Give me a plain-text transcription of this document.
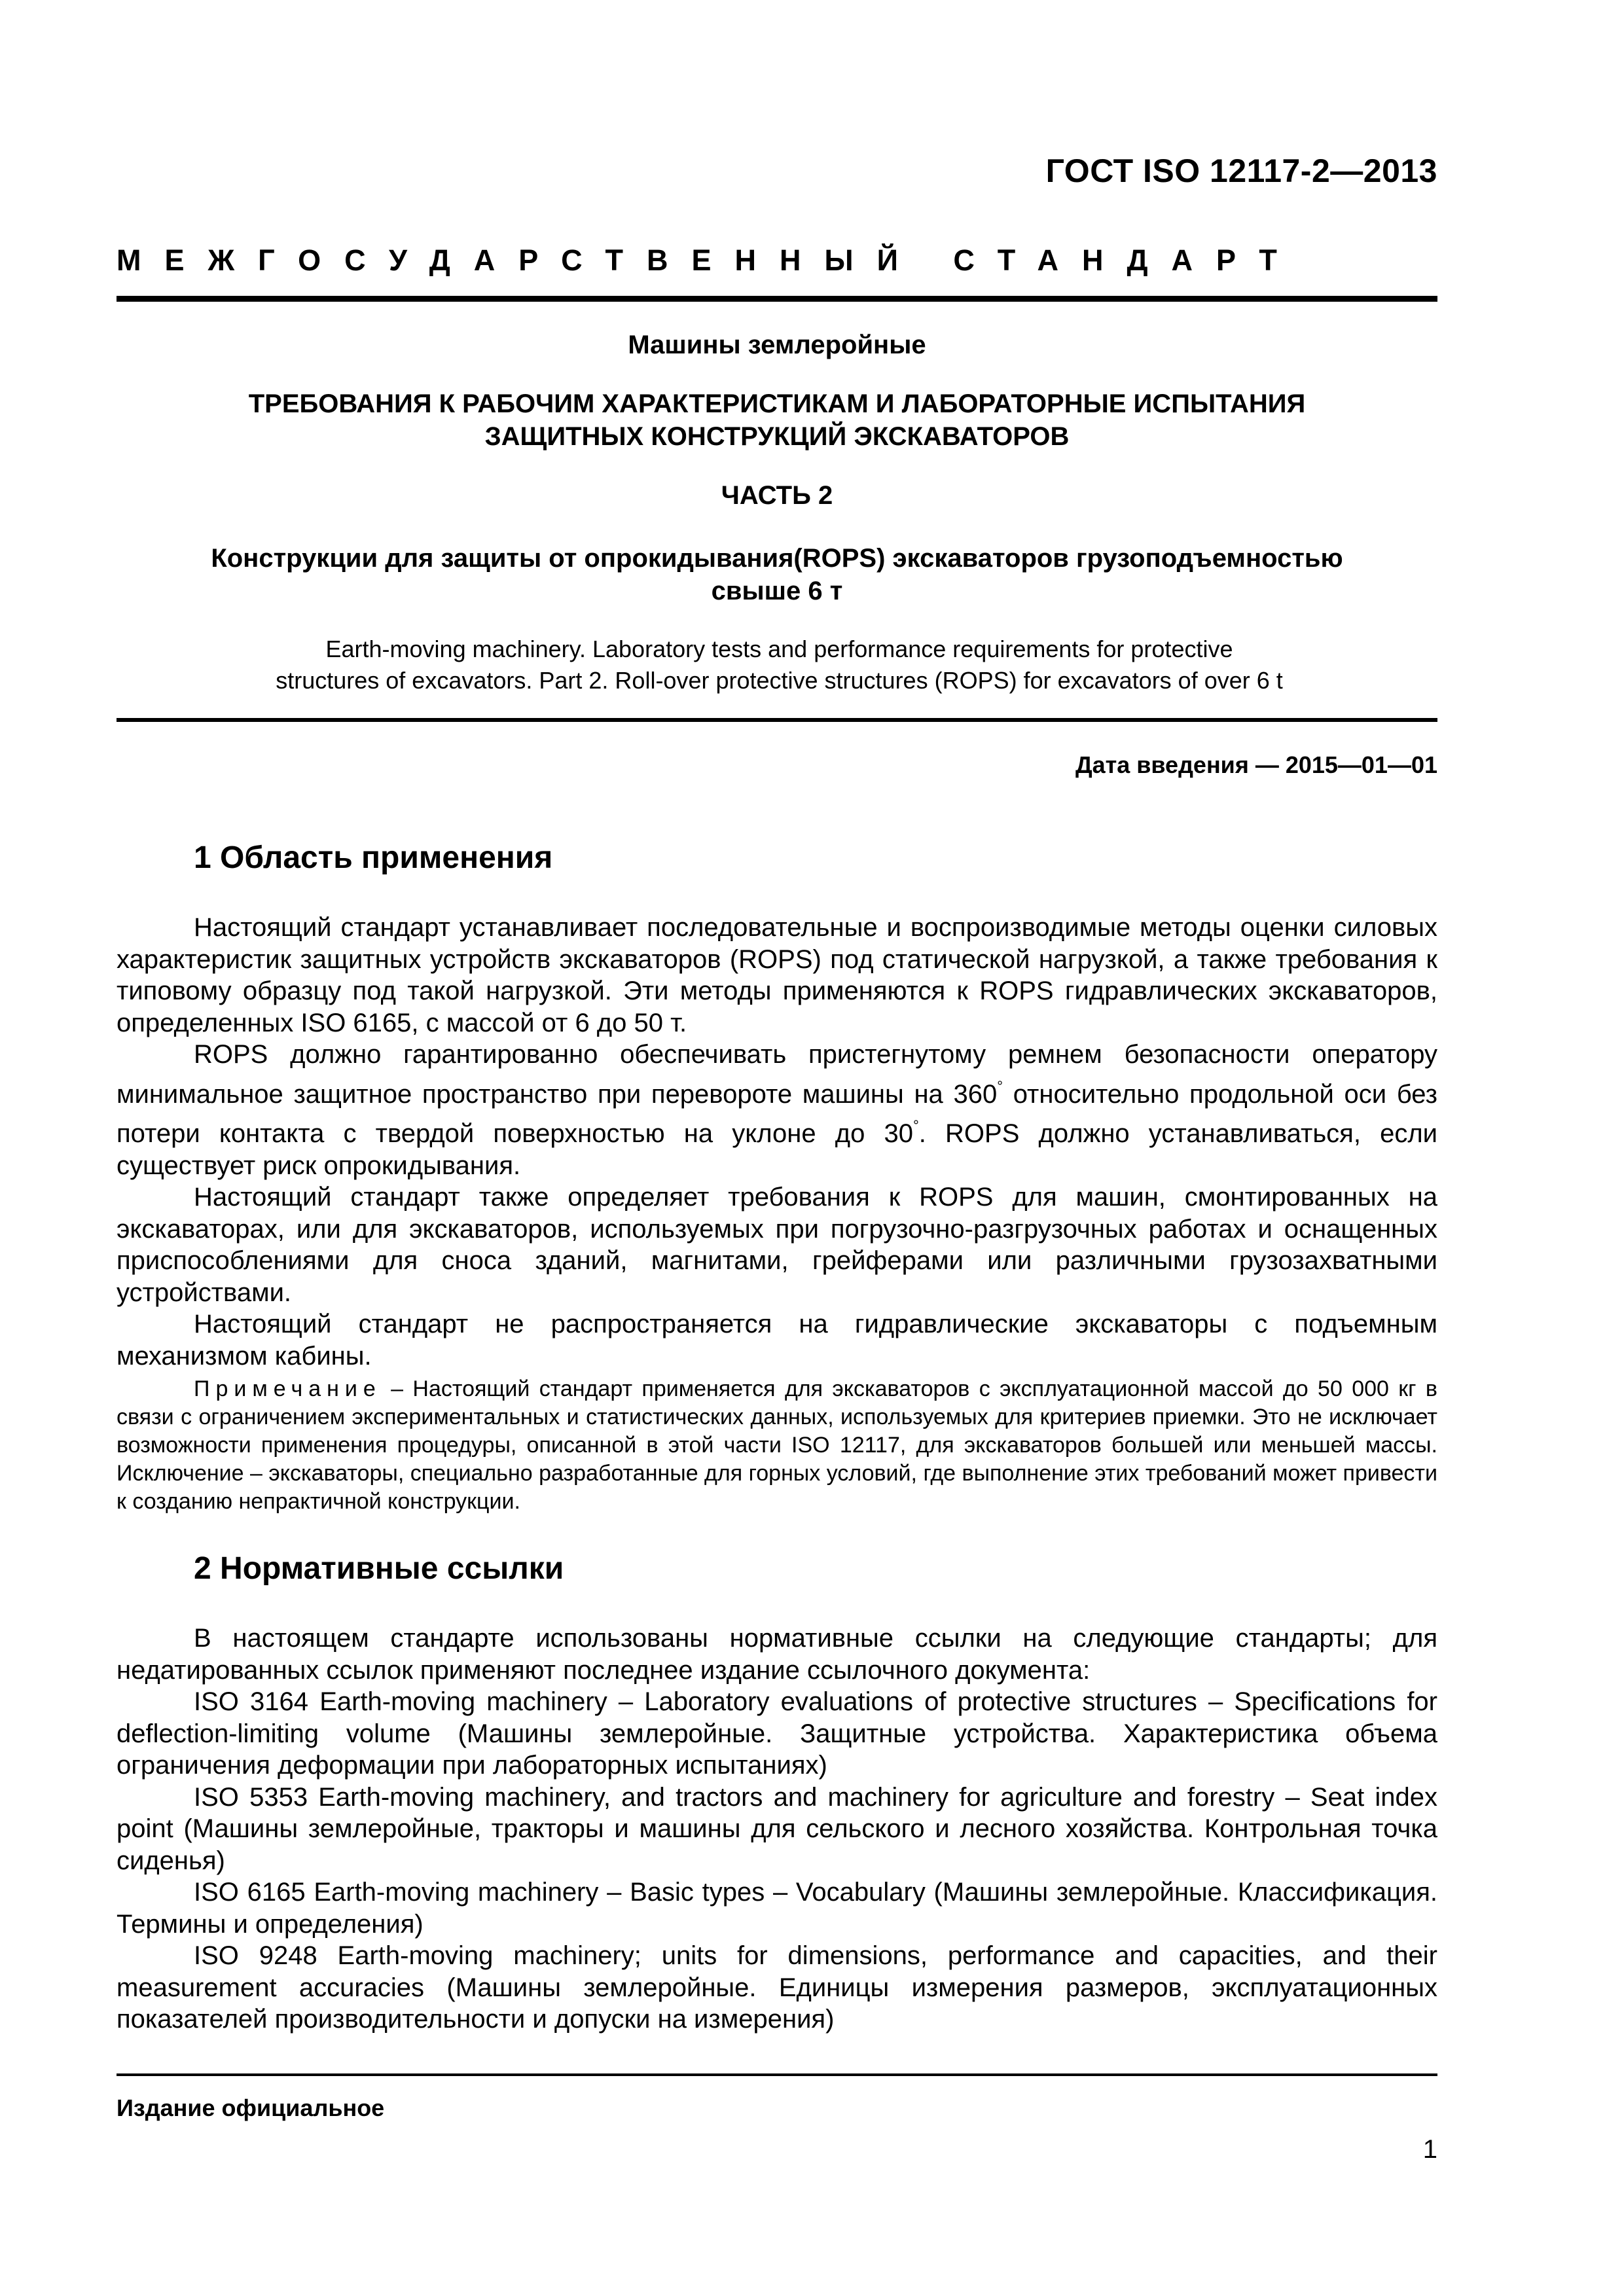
ГОСТ ISO 12117-2—2013
МЕЖГОСУДАРСТВЕННЫЙ СТАНДАРТ
Машины землеройные
ТРЕБОВАНИЯ К РАБОЧИМ ХАРАКТЕРИСТИКАМ И ЛАБОРАТОРНЫЕ ИСПЫТАНИЯ
ЗАЩИТНЫХ КОНСТРУКЦИЙ ЭКСКАВАТОРОВ
ЧАСТЬ 2
Конструкции для защиты от опрокидывания(ROPS) экскаваторов грузоподъемностью
свыше 6 т
Earth-moving machinery. Laboratory tests and performance requirements for protective
structures of excavators. Part 2. Roll-over protective structures (ROPS) for excavators of over 6 t
Дата введения — 2015—01—01
1 Область применения

Настоящий стандарт устанавливает последовательные и воспроизводимые методы оценки силовых характеристик защитных устройств экскаваторов (ROPS) под статической нагрузкой, а также требования к типовому образцу под такой нагрузкой. Эти методы применяются к ROPS гидравлических экскаваторов, определенных ISO 6165, с массой от 6 до 50 т.

ROPS должно гарантированно обеспечивать пристегнутому ремнем безопасности оператору минимальное защитное пространство при перевороте машины на 360° относительно продольной оси без потери контакта с твердой поверхностью на уклоне до 30°. ROPS должно устанавливаться, если существует риск опрокидывания.

Настоящий стандарт также определяет требования к ROPS для машин, смонтированных на экскаваторах, или для экскаваторов, используемых при погрузочно-разгрузочных работах и оснащенных приспособлениями для сноса зданий, магнитами, грейферами или различными грузозахватными устройствами.

Настоящий стандарт не распространяется на гидравлические экскаваторы с подъемным механизмом кабины.

Примечание – Настоящий стандарт применяется для экскаваторов с эксплуатационной массой до 50 000 кг в связи с ограничением экспериментальных и статистических данных, используемых для критериев приемки. Это не исключает возможности применения процедуры, описанной в этой части ISO 12117, для экскаваторов большей или меньшей массы. Исключение – экскаваторы, специально разработанные для горных условий, где выполнение этих требований может привести к созданию непрактичной конструкции.
2 Нормативные ссылки

В настоящем стандарте использованы нормативные ссылки на следующие стандарты; для недатированных ссылок применяют последнее издание ссылочного документа:

ISO 3164 Earth-moving machinery – Laboratory evaluations of protective structures – Specifications for deflection-limiting volume (Машины землеройные. Защитные устройства. Характеристика объема ограничения деформации при лабораторных испытаниях)

ISO 5353 Earth-moving machinery, and tractors and machinery for agriculture and forestry – Seat index point (Машины землеройные, тракторы и машины для сельского и лесного хозяйства. Контрольная точка сиденья)

ISO 6165 Earth-moving machinery – Basic types – Vocabulary (Машины землеройные. Классификация. Термины и определения)

ISO 9248 Earth-moving machinery; units for dimensions, performance and capacities, and their measurement accuracies (Машины землеройные. Единицы измерения размеров, эксплуатационных показателей производительности и допуски на измерения)

Издание официальное
1
